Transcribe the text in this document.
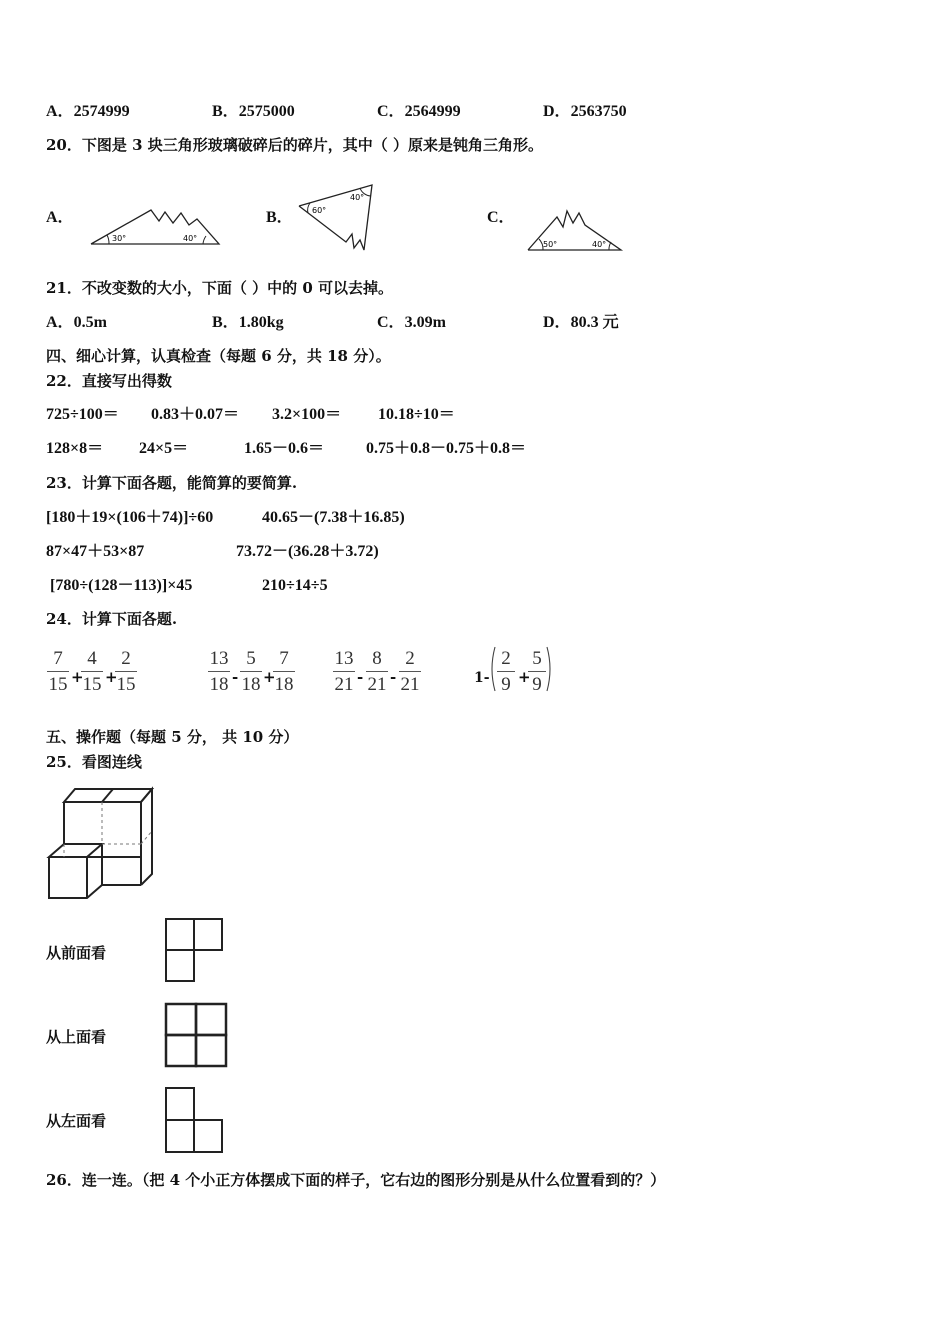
A．2574999	B．2575000	C．2564999	D．2563750
20．下图是 3 块三角形玻璃破碎后的碎片，其中（ ）原来是钝角三角形。
A．	B．	C．
30°	40°
60°
40°
50°	40°
21．不改变数的大小，下面（ ）中的 0 可以去掉。
A．0.5m	B．1.80kg	C．3.09m	D．80.3 元
四、细心计算，认真检查（每题 6 分，共 18 分）。
22．直接写出得数
725÷100＝ 0.83＋0.07＝ 3.2×100＝ 10.18÷10＝
128×8＝ 24×5＝	1.65－0.6＝	0.75＋0.8－0.75＋0.8＝
23．计算下面各题，能简算的要简算.
[180＋19×(106＋74)]÷60	40.65－(7.38＋16.85)
87×47＋53×87	73.72－(36.28＋3.72)
[780÷(128－113)]×45	210÷14÷5
24．计算下面各题.
7
15 +
4
15 +
2
15
13
18 -
5
18 +
7
18
13
21 -
8
21 -
2
21	1-
2
9 +
5
9
五、操作题（每题 5 分， 共 10 分）
25．看图连线
从前面看
从上面看
从左面看
26．连一连。（把 4 个小正方体摆成下面的样子，它右边的图形分别是从什么位置看到的？）
